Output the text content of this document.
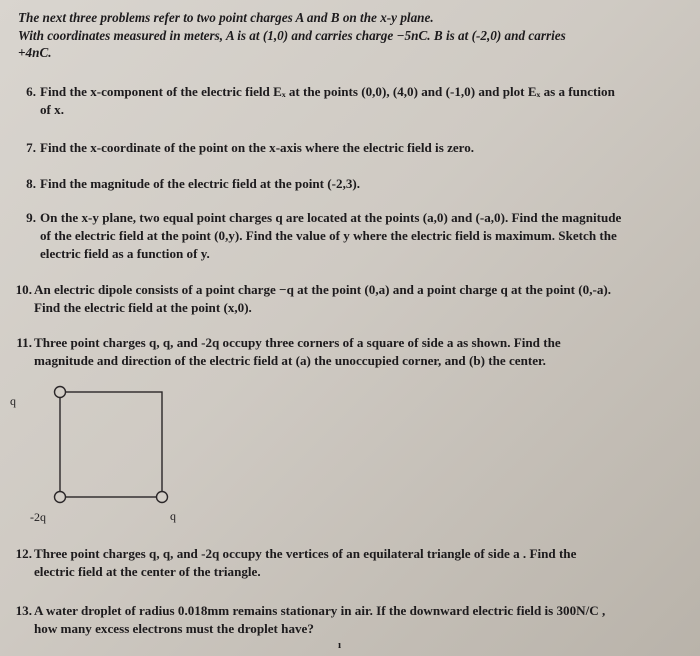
The next three problems refer to two point charges A and B on the x-y plane.
With coordinates measured in meters, A is at (1,0) and carries charge −5nC. B is at (-2,0) and carries
+4nC.
6. Find the x-component of the electric field Eₓ at the points (0,0), (4,0) and (-1,0) and plot Eₓ as a function
of x.
7. Find the x-coordinate of the point on the x-axis where the electric field is zero.
8. Find the magnitude of the electric field at the point (-2,3).
9. On the x-y plane, two equal point charges q are located at the points (a,0) and (-a,0). Find the magnitude
of the electric field at the point (0,y). Find the value of y where the electric field is maximum. Sketch the
electric field as a function of y.
10. An electric dipole consists of a point charge −q at the point (0,a) and a point charge q at the point (0,-a).
Find the electric field at the point (x,0).
11. Three point charges q, q, and -2q occupy three corners of a square of side a as shown. Find the
magnitude and direction of the electric field at (a) the unoccupied corner, and (b) the center.
q
-2q	q
12. Three point charges q, q, and -2q occupy the vertices of an equilateral triangle of side a . Find the
electric field at the center of the triangle.
13. A water droplet of radius 0.018mm remains stationary in air. If the downward electric field is 300N/C ,
how many excess electrons must the droplet have?
ı
